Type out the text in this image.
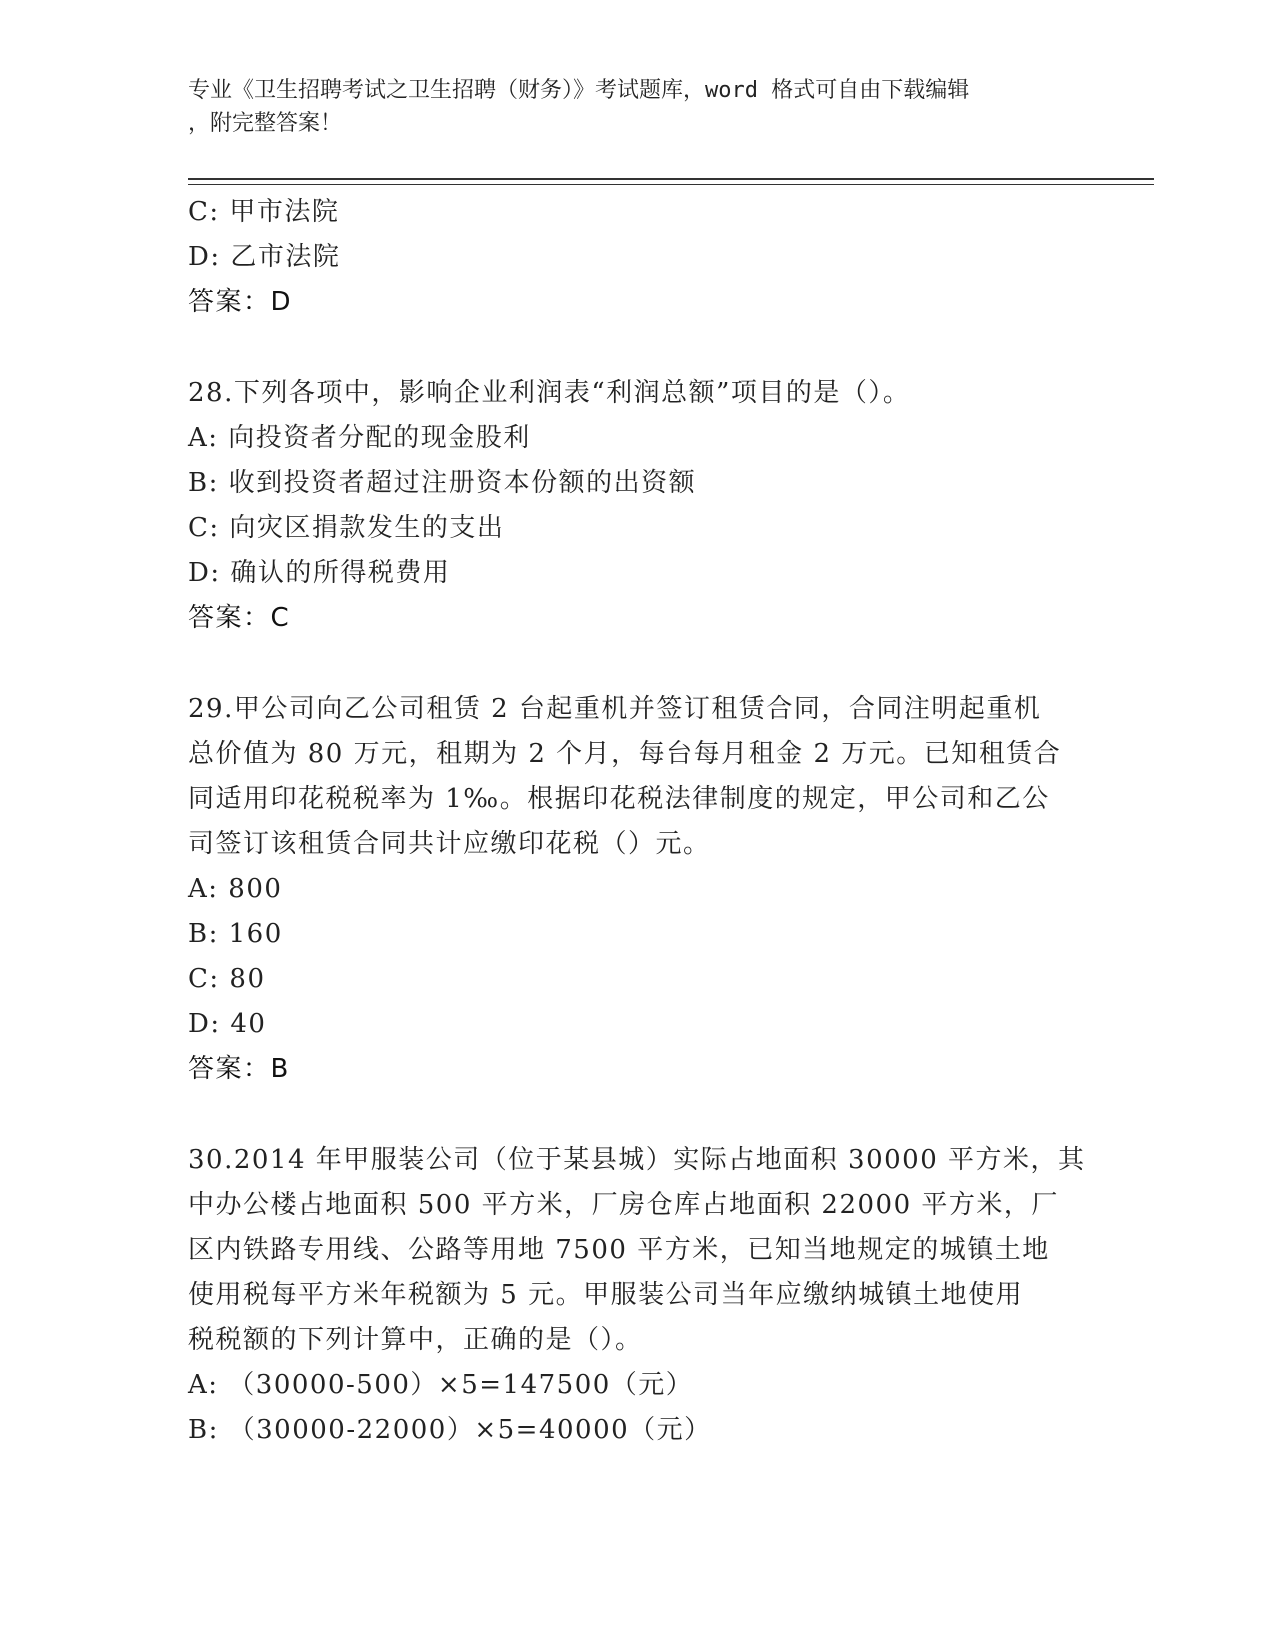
专业《卫生招聘考试之卫生招聘（财务）》考试题库，word 格式可自由下载编辑
，附完整答案！
C: 甲市法院
D: 乙市法院
答案：D
28.下列各项中，影响企业利润表“利润总额”项目的是（）。
A: 向投资者分配的现金股利
B: 收到投资者超过注册资本份额的出资额
C: 向灾区捐款发生的支出
D: 确认的所得税费用
答案：C
29.甲公司向乙公司租赁 2 台起重机并签订租赁合同，合同注明起重机
总价值为 80 万元，租期为 2 个月，每台每月租金 2 万元。已知租赁合
同适用印花税税率为 1‰。根据印花税法律制度的规定，甲公司和乙公
司签订该租赁合同共计应缴印花税（）元。
A: 800
B: 160
C: 80
D: 40
答案：B
30.2014 年甲服装公司（位于某县城）实际占地面积 30000 平方米，其
中办公楼占地面积 500 平方米，厂房仓库占地面积 22000 平方米，厂
区内铁路专用线、公路等用地 7500 平方米，已知当地规定的城镇土地
使用税每平方米年税额为 5 元。甲服装公司当年应缴纳城镇土地使用
税税额的下列计算中，正确的是（）。
A: （30000-500）×5=147500（元）
B: （30000-22000）×5=40000（元）
